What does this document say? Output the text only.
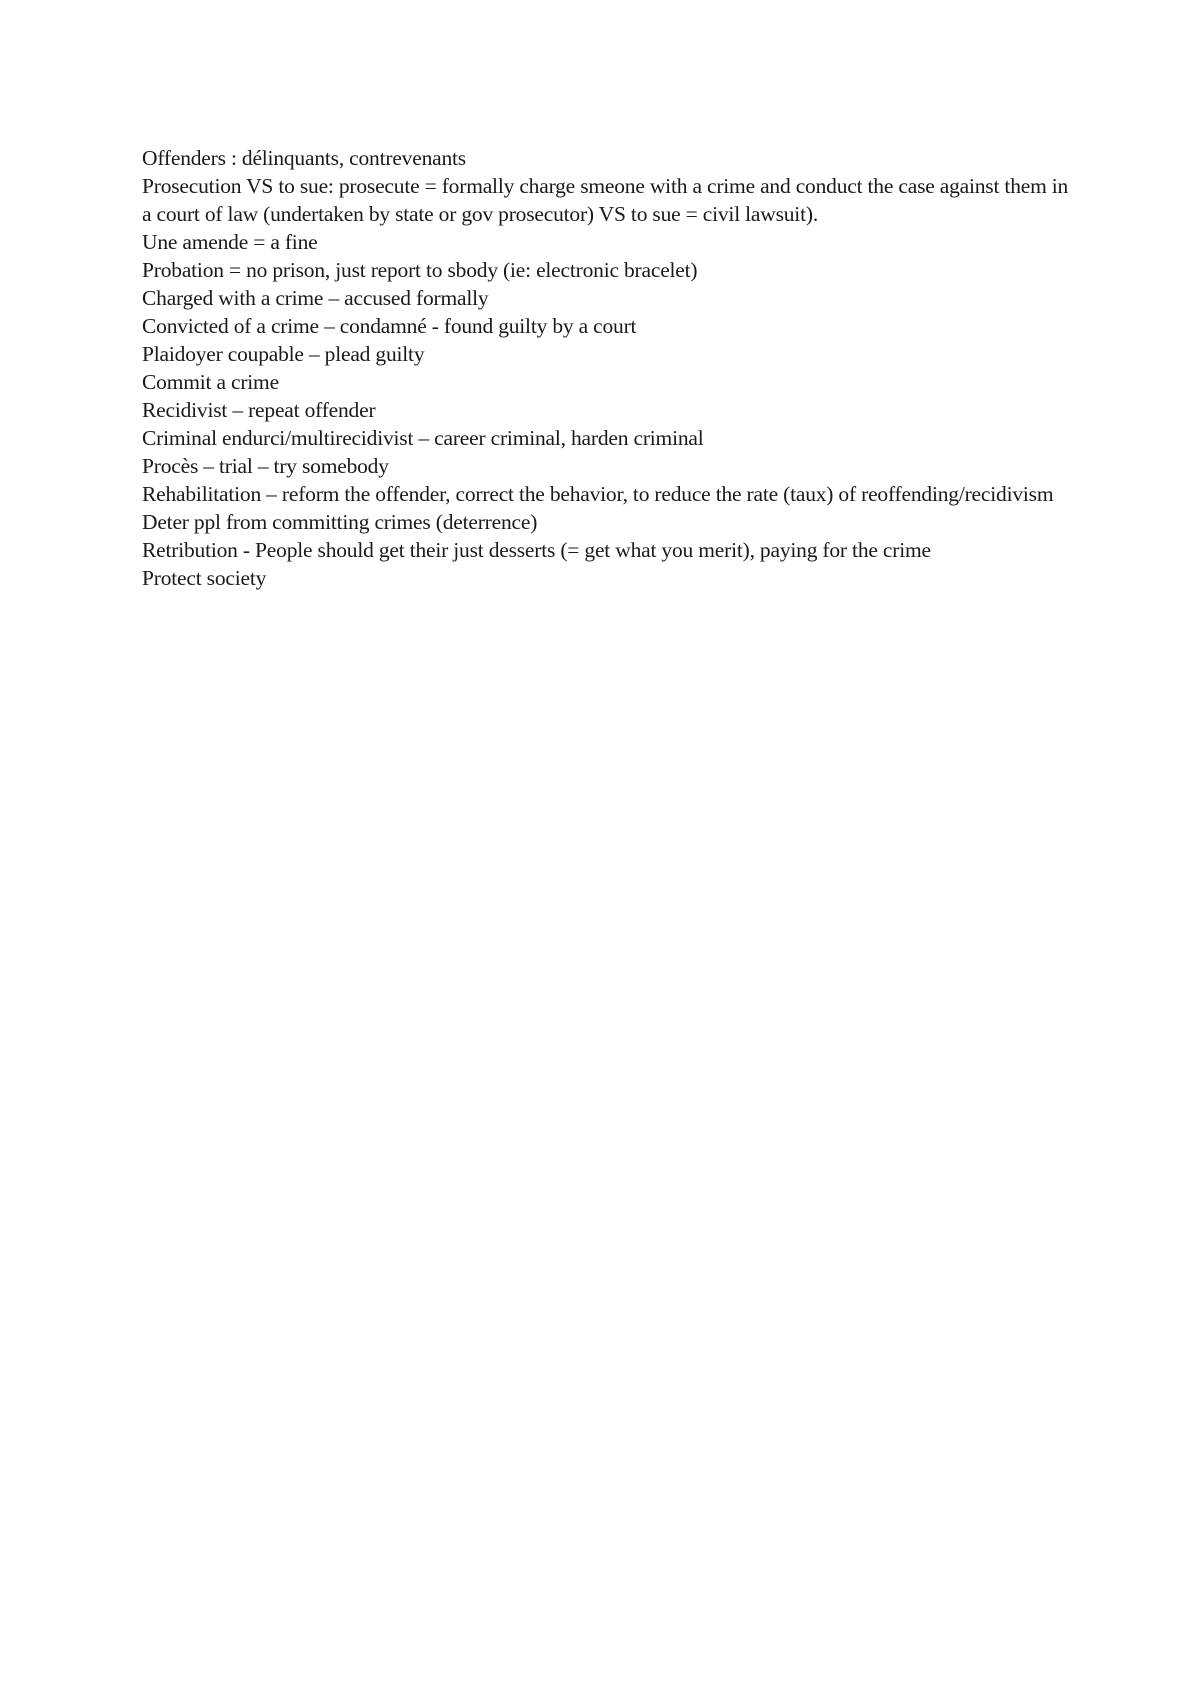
Offenders : délinquants, contrevenants

Prosecution VS to sue: prosecute = formally charge smeone with a crime and conduct the case against them in a court of law (undertaken by state or gov prosecutor) VS to sue = civil lawsuit).

Une amende = a fine

Probation = no prison, just report to sbody (ie: electronic bracelet)

Charged with a crime – accused formally

Convicted of a crime – condamné - found guilty by a court

Plaidoyer coupable – plead guilty

Commit a crime

Recidivist – repeat offender

Criminal endurci/multirecidivist – career criminal, harden criminal

Procès – trial – try somebody

Rehabilitation – reform the offender, correct the behavior, to reduce the rate (taux) of reoffending/recidivism

Deter ppl from committing crimes (deterrence)

Retribution - People should get their just desserts (= get what you merit), paying for the crime

Protect society
